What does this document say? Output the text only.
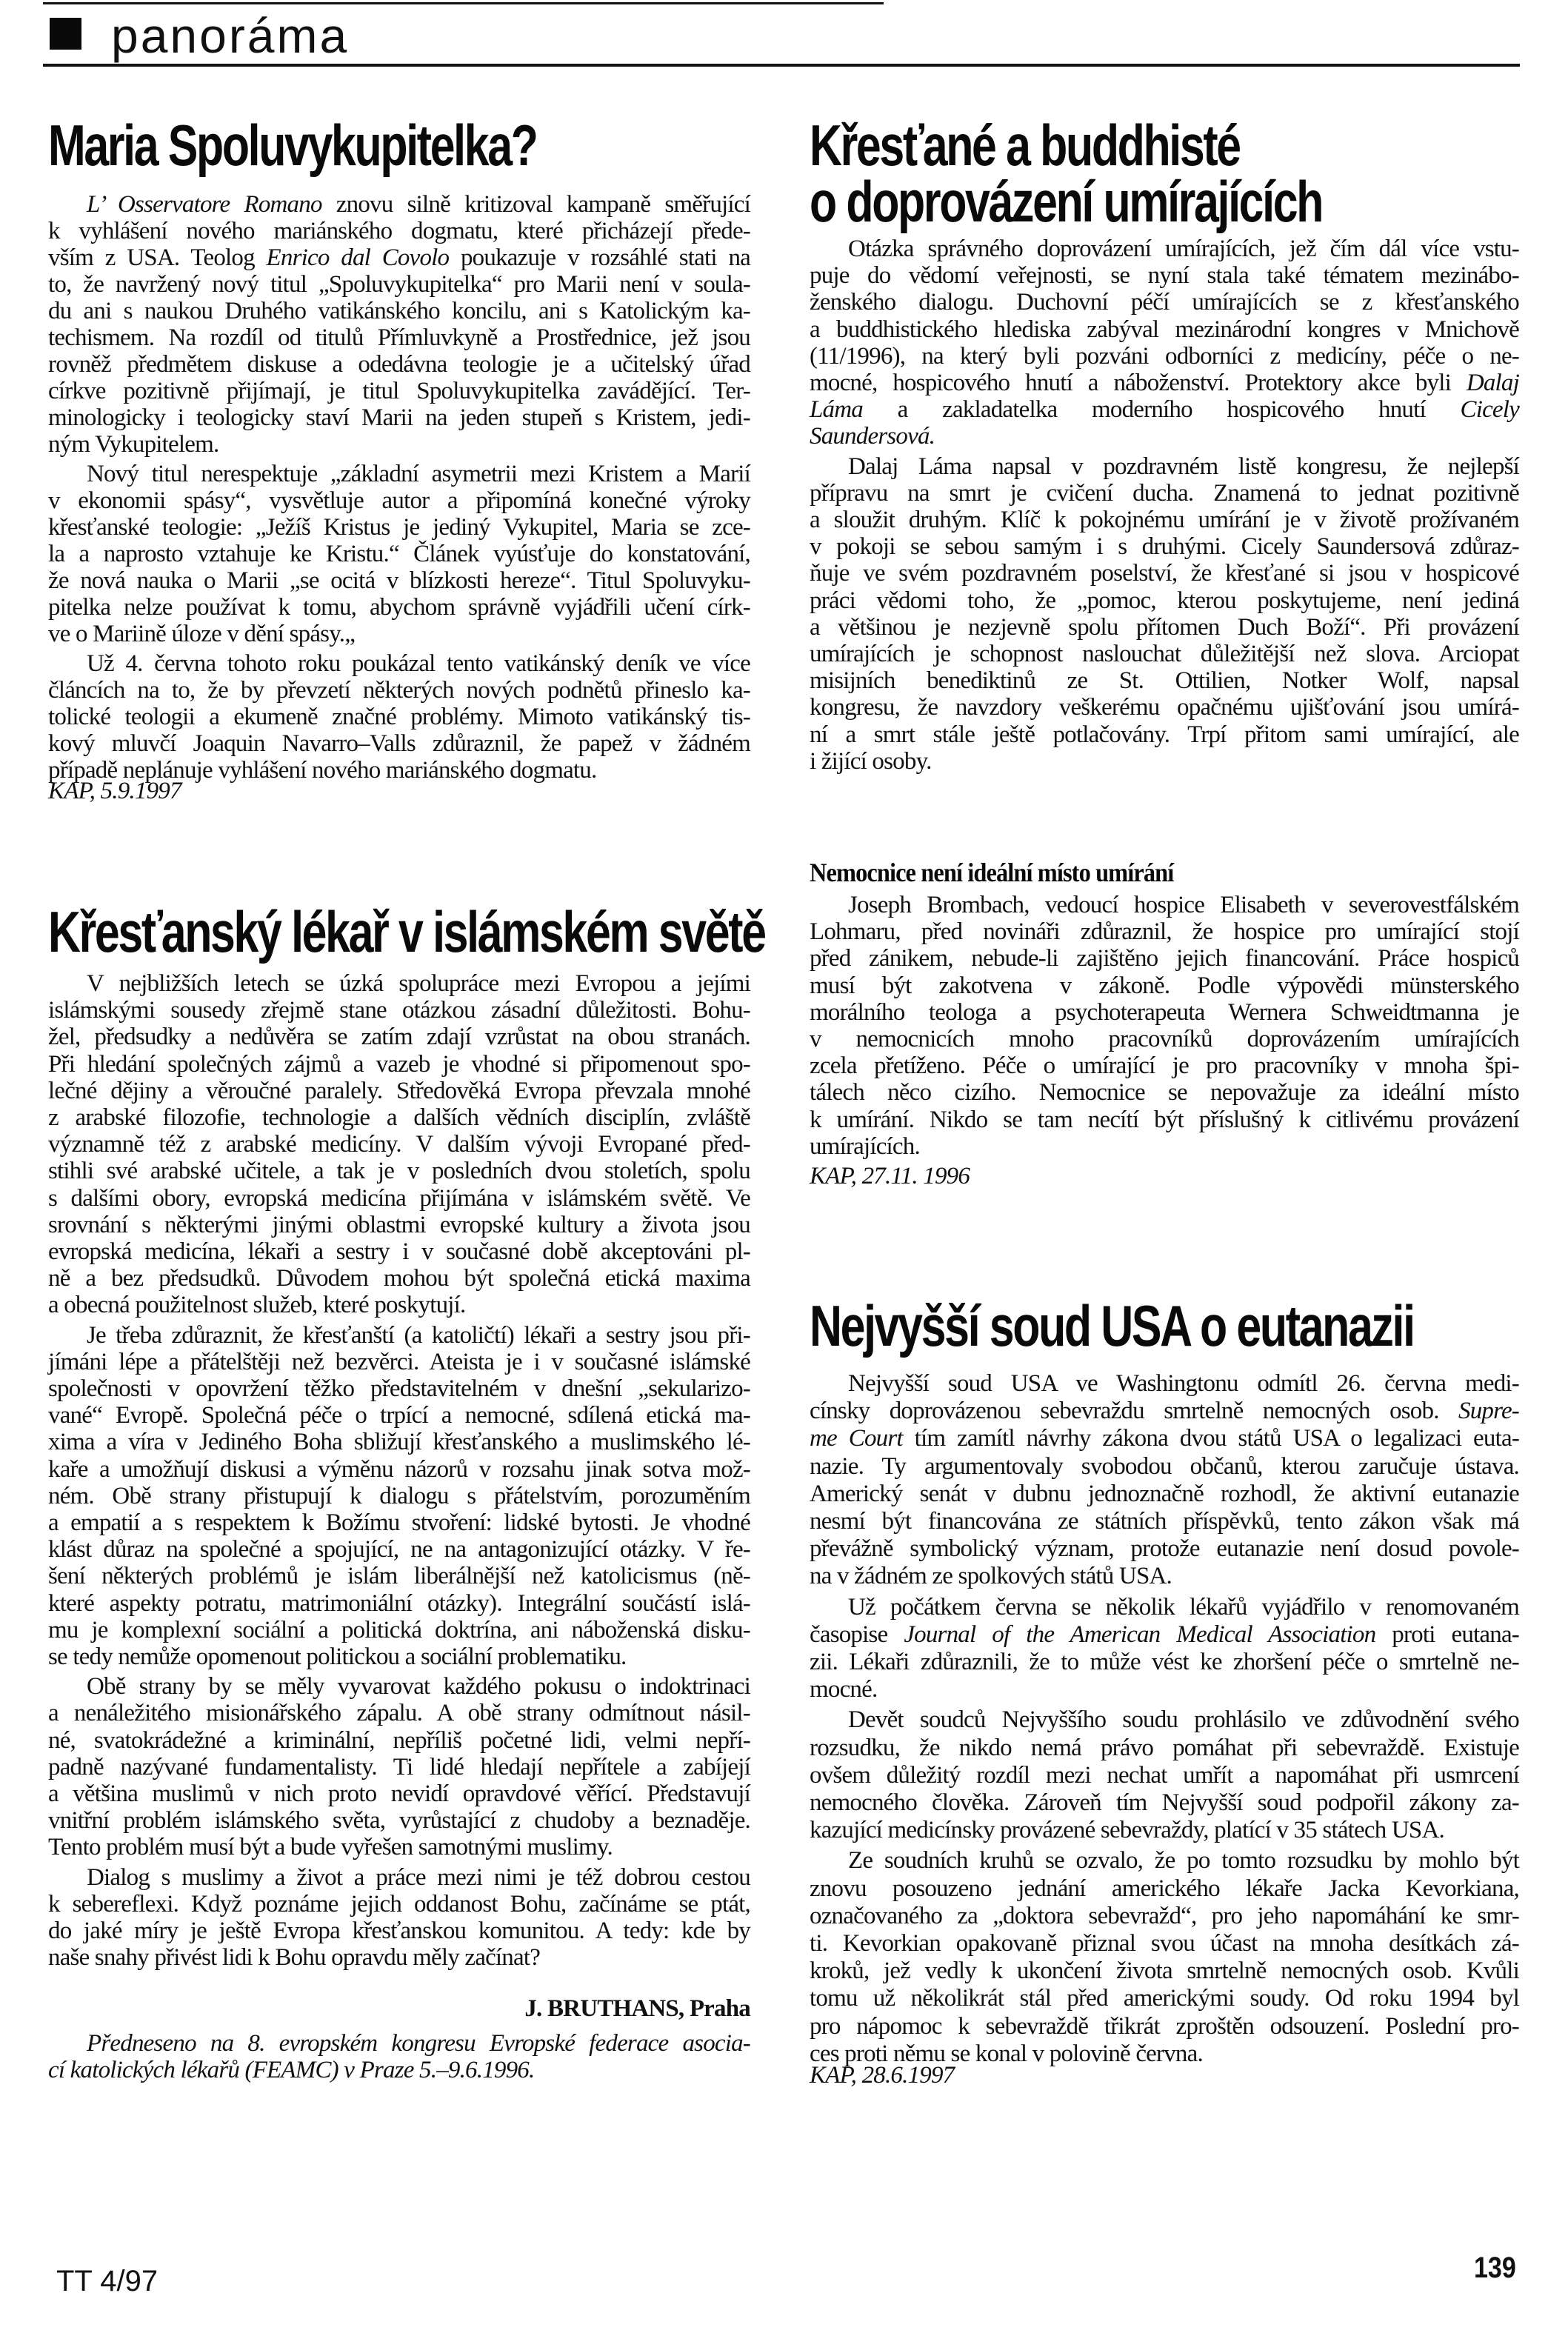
panoráma
Maria Spoluvykupitelka?
L’ Osservatore Romano znovu silně kritizoval kampaně směřující
k vyhlášení nového mariánského dogmatu, které přicházejí přede-
vším z USA. Teolog Enrico dal Covolo poukazuje v rozsáhlé stati na
to, že navržený nový titul „Spoluvykupitelka“ pro Marii není v soula-
du ani s naukou Druhého vatikánského koncilu, ani s Katolickým ka-
techismem. Na rozdíl od titulů Přímluvkyně a Prostřednice, jež jsou
rovněž předmětem diskuse a odedávna teologie je a učitelský úřad
církve pozitivně přijímají, je titul Spoluvykupitelka zavádějící. Ter-
minologicky i teologicky staví Marii na jeden stupeň s Kristem, jedi-
ným Vykupitelem.
Nový titul nerespektuje „základní asymetrii mezi Kristem a Marií
v ekonomii spásy“, vysvětluje autor a připomíná konečné výroky
křesťanské teologie: „Ježíš Kristus je jediný Vykupitel, Maria se zce-
la a naprosto vztahuje ke Kristu.“ Článek vyúsťuje do konstatování,
že nová nauka o Marii „se ocitá v blízkosti hereze“. Titul Spoluvyku-
pitelka nelze používat k tomu, abychom správně vyjádřili učení círk-
ve o Mariině úloze v dění spásy.„
Už 4. června tohoto roku poukázal tento vatikánský deník ve více
článcích na to, že by převzetí některých nových podnětů přineslo ka-
tolické teologii a ekumeně značné problémy. Mimoto vatikánský tis-
kový mluvčí Joaquin Navarro–Valls zdůraznil, že papež v žádném
případě neplánuje vyhlášení nového mariánského dogmatu.
KAP, 5.9.1997
Křesťanský lékař v islámském světě
V nejbližších letech se úzká spolupráce mezi Evropou a jejími
islámskými sousedy zřejmě stane otázkou zásadní důležitosti. Bohu-
žel, předsudky a nedůvěra se zatím zdají vzrůstat na obou stranách.
Při hledání společných zájmů a vazeb je vhodné si připomenout spo-
lečné dějiny a věroučné paralely. Středověká Evropa převzala mnohé
z arabské filozofie, technologie a dalších vědních disciplín, zvláště
významně též z arabské medicíny. V dalším vývoji Evropané před-
stihli své arabské učitele, a tak je v posledních dvou stoletích, spolu
s dalšími obory, evropská medicína přijímána v islámském světě. Ve
srovnání s některými jinými oblastmi evropské kultury a života jsou
evropská medicína, lékaři a sestry i v současné době akceptováni pl-
ně a bez předsudků. Důvodem mohou být společná etická maxima
a obecná použitelnost služeb, které poskytují.
Je třeba zdůraznit, že křesťanští (a katoličtí) lékaři a sestry jsou při-
jímáni lépe a přátelštěji než bezvěrci. Ateista je i v současné islámské
společnosti v opovržení těžko představitelném v dnešní „sekularizo-
vané“ Evropě. Společná péče o trpící a nemocné, sdílená etická ma-
xima a víra v Jediného Boha sbližují křesťanského a muslimského lé-
kaře a umožňují diskusi a výměnu názorů v rozsahu jinak sotva mož-
ném. Obě strany přistupují k dialogu s přátelstvím, porozuměním
a empatií a s respektem k Božímu stvoření: lidské bytosti. Je vhodné
klást důraz na společné a spojující, ne na antagonizující otázky. V ře-
šení některých problémů je islám liberálnější než katolicismus (ně-
které aspekty potratu, matrimoniální otázky). Integrální součástí islá-
mu je komplexní sociální a politická doktrína, ani náboženská disku-
se tedy nemůže opomenout politickou a sociální problematiku.
Obě strany by se měly vyvarovat každého pokusu o indoktrinaci
a nenáležitého misionářského zápalu. A obě strany odmítnout násil-
né, svatokrádežné a kriminální, nepříliš početné lidi, velmi nepří-
padně nazývané fundamentalisty. Ti lidé hledají nepřítele a zabíjejí
a většina muslimů v nich proto nevidí opravdové věřící. Představují
vnitřní problém islámského světa, vyrůstající z chudoby a beznaděje.
Tento problém musí být a bude vyřešen samotnými muslimy.
Dialog s muslimy a život a práce mezi nimi je též dobrou cestou
k sebereflexi. Když poznáme jejich oddanost Bohu, začínáme se ptát,
do jaké míry je ještě Evropa křesťanskou komunitou. A tedy: kde by
naše snahy přivést lidi k Bohu opravdu měly začínat?
J. BRUTHANS, Praha
Předneseno na 8. evropském kongresu Evropské federace asocia-
cí katolických lékařů (FEAMC) v Praze 5.–9.6.1996.
Křesťané a buddhisté
o doprovázení umírajících
Otázka správného doprovázení umírajících, jež čím dál více vstu-
puje do vědomí veřejnosti, se nyní stala také tématem mezinábo-
ženského dialogu. Duchovní péčí umírajících se z křesťanského
a buddhistického hlediska zabýval mezinárodní kongres v Mnichově
(11/1996), na který byli pozváni odborníci z medicíny, péče o ne-
mocné, hospicového hnutí a náboženství. Protektory akce byli Dalaj
Láma a zakladatelka moderního hospicového hnutí Cicely
Saundersová.
Dalaj Láma napsal v pozdravném listě kongresu, že nejlepší
přípravu na smrt je cvičení ducha. Znamená to jednat pozitivně
a sloužit druhým. Klíč k pokojnému umírání je v životě prožívaném
v pokoji se sebou samým i s druhými. Cicely Saundersová zdůraz-
ňuje ve svém pozdravném poselství, že křesťané si jsou v hospicové
práci vědomi toho, že „pomoc, kterou poskytujeme, není jediná
a většinou je nezjevně spolu přítomen Duch Boží“. Při provázení
umírajících je schopnost naslouchat důležitější než slova. Arciopat
misijních benediktinů ze St. Ottilien, Notker Wolf, napsal
kongresu, že navzdory veškerému opačnému ujišťování jsou umírá-
ní a smrt stále ještě potlačovány. Trpí přitom sami umírající, ale
i žijící osoby.
Nemocnice není ideální místo umírání
Joseph Brombach, vedoucí hospice Elisabeth v severovestfálském
Lohmaru, před novináři zdůraznil, že hospice pro umírající stojí
před zánikem, nebude-li zajištěno jejich financování. Práce hospiců
musí být zakotvena v zákoně. Podle výpovědi münsterského
morálního teologa a psychoterapeuta Wernera Schweidtmanna je
v nemocnicích mnoho pracovníků doprovázením umírajících
zcela přetíženo. Péče o umírající je pro pracovníky v mnoha špi-
tálech něco cizího. Nemocnice se nepovažuje za ideální místo
k umírání. Nikdo se tam necítí být příslušný k citlivému provázení
umírajících.
KAP, 27.11. 1996
Nejvyšší soud USA o eutanazii
Nejvyšší soud USA ve Washingtonu odmítl 26. června medi-
cínsky doprovázenou sebevraždu smrtelně nemocných osob. Supre-
me Court tím zamítl návrhy zákona dvou států USA o legalizaci euta-
nazie. Ty argumentovaly svobodou občanů, kterou zaručuje ústava.
Americký senát v dubnu jednoznačně rozhodl, že aktivní eutanazie
nesmí být financována ze státních příspěvků, tento zákon však má
převážně symbolický význam, protože eutanazie není dosud povole-
na v žádném ze spolkových států USA.
Už počátkem června se několik lékařů vyjádřilo v renomovaném
časopise Journal of the American Medical Association proti eutana-
zii. Lékaři zdůraznili, že to může vést ke zhoršení péče o smrtelně ne-
mocné.
Devět soudců Nejvyššího soudu prohlásilo ve zdůvodnění svého
rozsudku, že nikdo nemá právo pomáhat při sebevraždě. Existuje
ovšem důležitý rozdíl mezi nechat umřít a napomáhat při usmrcení
nemocného člověka. Zároveň tím Nejvyšší soud podpořil zákony za-
kazující medicínsky provázené sebevraždy, platící v 35 státech USA.
Ze soudních kruhů se ozvalo, že po tomto rozsudku by mohlo být
znovu posouzeno jednání amerického lékaře Jacka Kevorkiana,
označovaného za „doktora sebevražd“, pro jeho napomáhání ke smr-
ti. Kevorkian opakovaně přiznal svou účast na mnoha desítkách zá-
kroků, jež vedly k ukončení života smrtelně nemocných osob. Kvůli
tomu už několikrát stál před americkými soudy. Od roku 1994 byl
pro nápomoc k sebevraždě třikrát zproštěn odsouzení. Poslední pro-
ces proti němu se konal v polovině června.
KAP, 28.6.1997
TT 4/97	139
